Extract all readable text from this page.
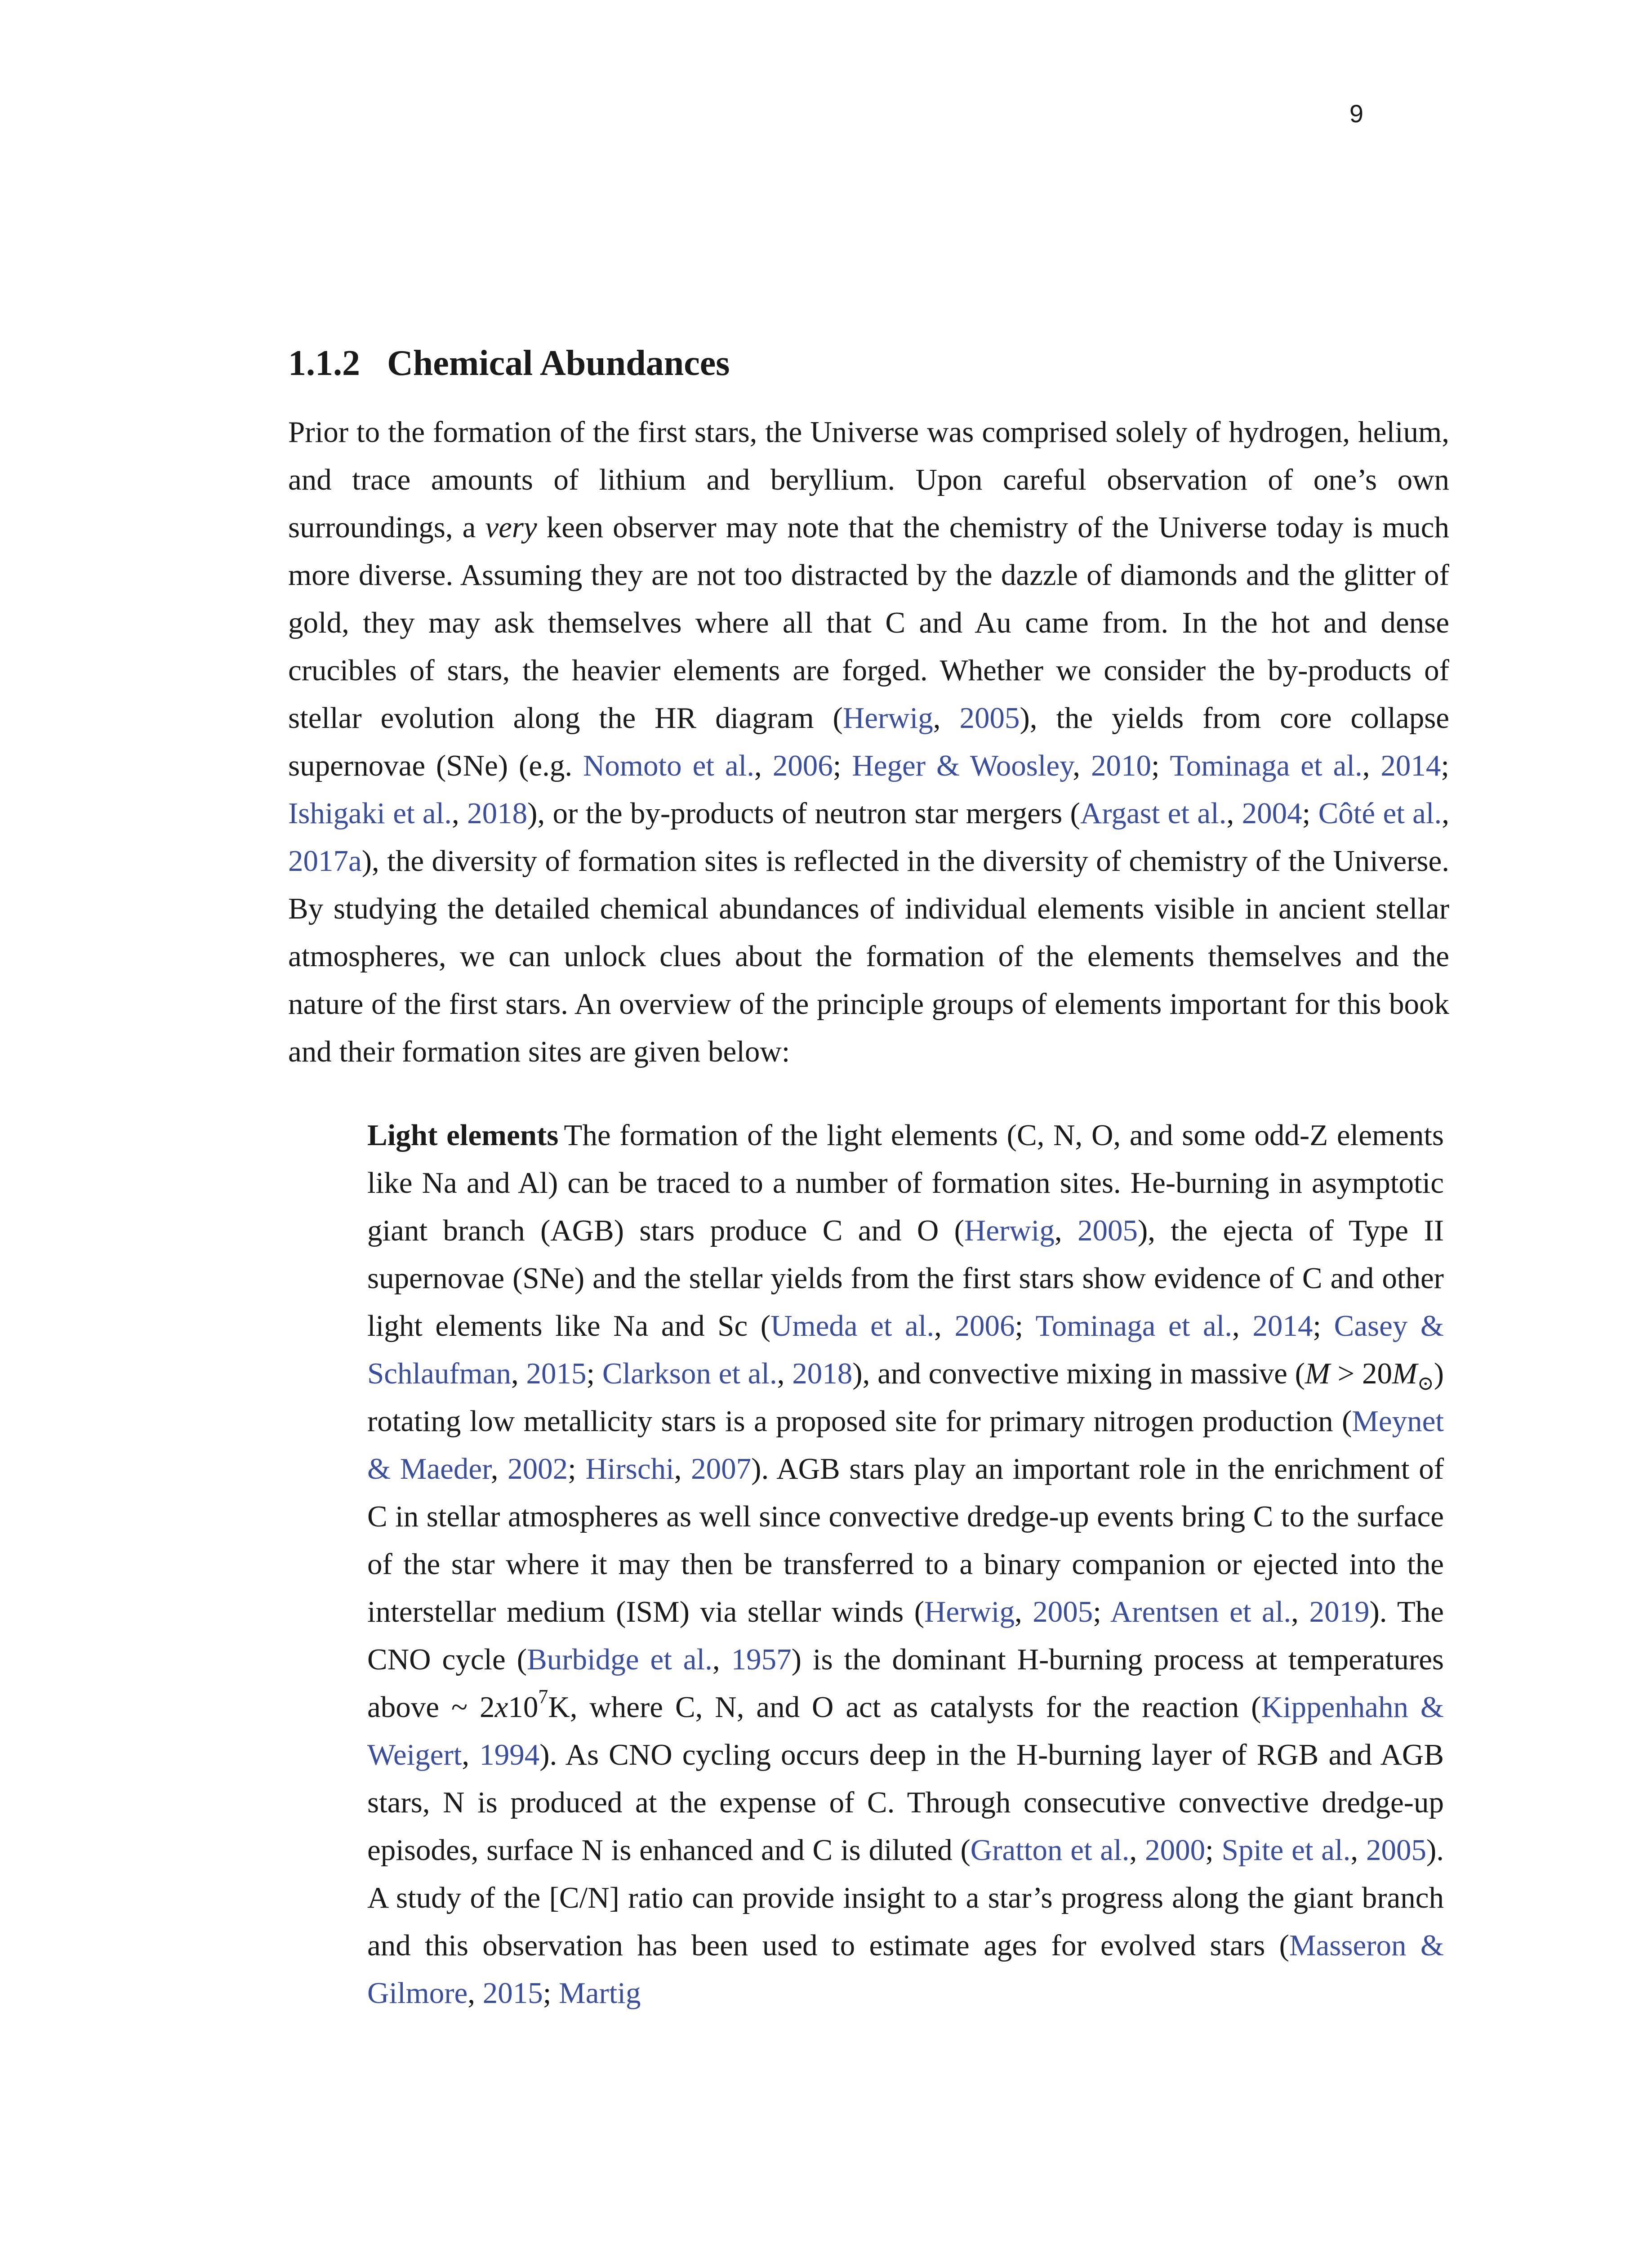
9
1.1.2 Chemical Abundances

Prior to the formation of the first stars, the Universe was comprised solely of hydrogen, helium, and trace amounts of lithium and beryllium. Upon careful observation of one’s own surroundings, a very keen observer may note that the chemistry of the Universe today is much more diverse. Assuming they are not too distracted by the dazzle of diamonds and the glitter of gold, they may ask themselves where all that C and Au came from. In the hot and dense crucibles of stars, the heavier elements are forged. Whether we consider the by-products of stellar evolution along the HR diagram (Herwig, 2005), the yields from core collapse supernovae (SNe) (e.g. Nomoto et al., 2006; Heger & Woosley, 2010; Tominaga et al., 2014; Ishigaki et al., 2018), or the by-products of neutron star mergers (Argast et al., 2004; Côté et al., 2017a), the diversity of formation sites is reflected in the diversity of chemistry of the Universe. By studying the detailed chemical abundances of individual elements visible in ancient stellar atmospheres, we can unlock clues about the formation of the elements themselves and the nature of the first stars. An overview of the principle groups of elements important for this book and their formation sites are given below:

Light elements The formation of the light elements (C, N, O, and some odd-Z elements like Na and Al) can be traced to a number of formation sites. He-burning in asymptotic giant branch (AGB) stars produce C and O (Herwig, 2005), the ejecta of Type II supernovae (SNe) and the stellar yields from the first stars show evidence of C and other light elements like Na and Sc (Umeda et al., 2006; Tominaga et al., 2014; Casey & Schlaufman, 2015; Clarkson et al., 2018), and convective mixing in massive $(M > 20M_⊙)$ rotating low metallicity stars is a proposed site for primary nitrogen production (Meynet & Maeder, 2002; Hirschi, 2007). AGB stars play an important role in the enrichment of C in stellar atmospheres as well since convective dredge-up events bring C to the surface of the star where it may then be transferred to a binary companion or ejected into the interstellar medium (ISM) via stellar winds (Herwig, 2005; Arentsen et al., 2019). The CNO cycle (Burbidge et al., 1957) is the dominant H-burning process at temperatures above ~ $2x10^7K$, where C, N, and O act as catalysts for the reaction (Kippenhahn & Weigert, 1994). As CNO cycling occurs deep in the H-burning layer of RGB and AGB stars, N is produced at the expense of C. Through consecutive convective dredge-up episodes, surface N is enhanced and C is diluted (Gratton et al., 2000; Spite et al., 2005). A study of the [C/N] ratio can provide insight to a star’s progress along the giant branch and this observation has been used to estimate ages for evolved stars (Masseron & Gilmore, 2015; Martig
